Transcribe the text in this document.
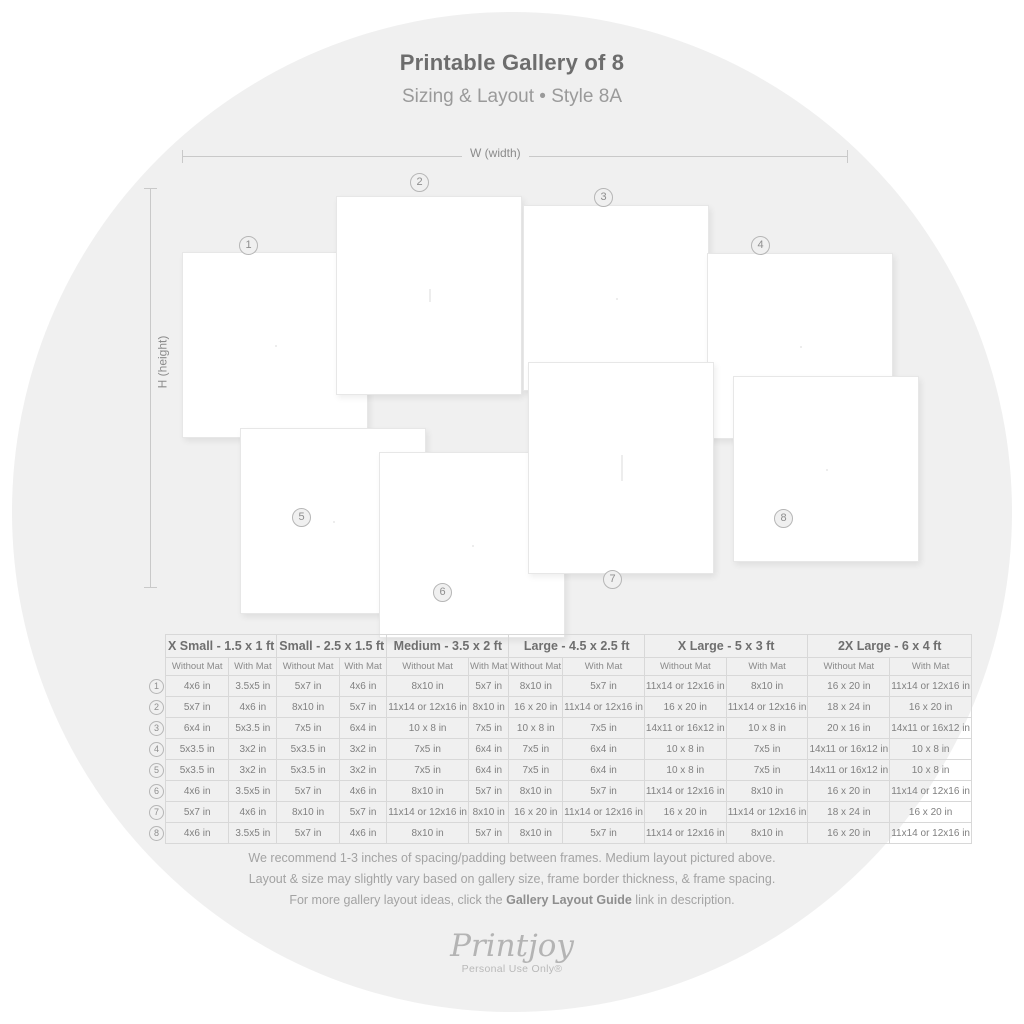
Printable Gallery of 8
Sizing & Layout • Style 8A
W (width)
H (height)
1
2
3
4
5
6
7
8
	X Small - 1.5 x 1 ft		Small - 2.5 x 1.5 ft		Medium - 3.5 x 2 ft		Large - 4.5 x 2.5 ft		X Large - 5 x 3 ft		2X Large - 6 x 4 ft	
	Without Mat	With Mat	Without Mat	With Mat	Without Mat	With Mat	Without Mat	With Mat	Without Mat	With Mat	Without Mat	With Mat
1	4x6 in	3.5x5 in	5x7 in	4x6 in	8x10 in	5x7 in	8x10 in	5x7 in	11x14 or 12x16 in	8x10 in	16 x 20 in	11x14 or 12x16 in
2	5x7 in	4x6 in	8x10 in	5x7 in	11x14 or 12x16 in	8x10 in	16 x 20 in	11x14 or 12x16 in	16 x 20 in	11x14 or 12x16 in	18 x 24 in	16 x 20 in
3	6x4 in	5x3.5 in	7x5 in	6x4 in	10 x 8 in	7x5 in	10 x 8 in	7x5 in	14x11 or 16x12 in	10 x 8 in	20 x 16 in	14x11 or 16x12 in
4	5x3.5 in	3x2 in	5x3.5 in	3x2 in	7x5 in	6x4 in	7x5 in	6x4 in	10 x 8 in	7x5 in	14x11 or 16x12 in	10 x 8 in
5	5x3.5 in	3x2 in	5x3.5 in	3x2 in	7x5 in	6x4 in	7x5 in	6x4 in	10 x 8 in	7x5 in	14x11 or 16x12 in	10 x 8 in
6	4x6 in	3.5x5 in	5x7 in	4x6 in	8x10 in	5x7 in	8x10 in	5x7 in	11x14 or 12x16 in	8x10 in	16 x 20 in	11x14 or 12x16 in
7	5x7 in	4x6 in	8x10 in	5x7 in	11x14 or 12x16 in	8x10 in	16 x 20 in	11x14 or 12x16 in	16 x 20 in	11x14 or 12x16 in	18 x 24 in	16 x 20 in
8	4x6 in	3.5x5 in	5x7 in	4x6 in	8x10 in	5x7 in	8x10 in	5x7 in	11x14 or 12x16 in	8x10 in	16 x 20 in	11x14 or 12x16 in
We recommend 1-3 inches of spacing/padding between frames. Medium layout pictured above.
Layout & size may slightly vary based on gallery size, frame border thickness, & frame spacing.
For more gallery layout ideas, click the Gallery Layout Guide link in description.
Printjoy
Personal Use Only®
